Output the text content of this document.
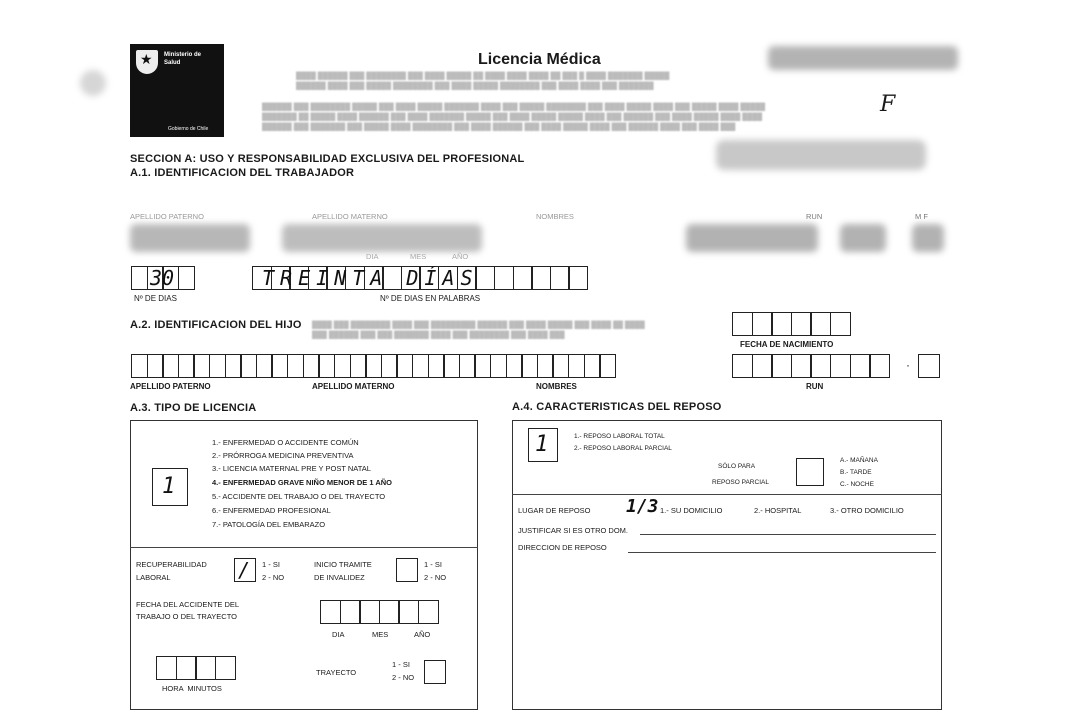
★ Ministerio de
Salud
Gobierno de Chile
Licencia Médica
████ ██████ ███ ████████ ███ ████ █████ ██ ████ ████ ████ ██ ███ █ ████ ███████ █████
██████ ████ ███ █████ ████████ ███ ████ █████ ████████ ███ ████ ████ ███ ███████
██████ ███ ████████ █████ ███ ████ █████ ███████ ████ ███ █████ ████████ ███ ████ █████ ████ ███ █████ ████ █████
███████ ██ █████ ████ ██████ ███ ████ ███████ █████ ███ ████ █████ █████ ████ ███ ██████ ███ ████ █████ ████ ████
██████ ███ ███████ ███ █████ ████ ████████ ███ ████ ██████ ███ ████ █████ ████ ███ ██████ ████ ███ ████ ███
F
SECCION A: USO Y RESPONSABILIDAD EXCLUSIVA DEL PROFESIONAL
A.1. IDENTIFICACION DEL TRABAJADOR
APELLIDO PATERNO	APELLIDO MATERNO	NOMBRES	RUN	M F
DIA	MES	AÑO
30
Nº DE DIAS
TREINTA DÍAS
Nº DE DIAS EN PALABRAS
A.2. IDENTIFICACION DEL HIJO ████ ███ ████████ ████ ███ █████████ ██████ ███ ████ █████ ███ ████ ██ ████
███ ██████ ███ ███ ███████ ████ ███ ████████ ███ ████ ███
FECHA DE NACIMIENTO
·
APELLIDO PATERNO	APELLIDO MATERNO	NOMBRES	RUN
A.3. TIPO DE LICENCIA
1
1.- ENFERMEDAD O ACCIDENTE COMÚN
2.- PRÓRROGA MEDICINA PREVENTIVA
3.- LICENCIA MATERNAL PRE Y POST NATAL
4.- ENFERMEDAD GRAVE NIÑO MENOR DE 1 AÑO
5.- ACCIDENTE DEL TRABAJO O DEL TRAYECTO
6.- ENFERMEDAD PROFESIONAL
7.- PATOLOGÍA DEL EMBARAZO
RECUPERABILIDAD
LABORAL	/ 1 - SI
2 - NO
INICIO TRAMITE
DE INVALIDEZ
1 - SI
2 - NO
FECHA DEL ACCIDENTE DEL
TRABAJO O DEL TRAYECTO
DIA	MES	AÑO
HORA  MINUTOS
TRAYECTO
1 - SI
2 - NO
A.4. CARACTERISTICAS DEL REPOSO
1	1.- REPOSO LABORAL TOTAL
2.- REPOSO LABORAL PARCIAL
SÓLO PARA
REPOSO PARCIAL
A.- MAÑANA
B.- TARDE
C.- NOCHE
LUGAR DE REPOSO 1/3 1.- SU DOMICILIO	2.- HOSPITAL	3.- OTRO DOMICILIO
JUSTIFICAR SI ES OTRO DOM.
DIRECCION DE REPOSO
